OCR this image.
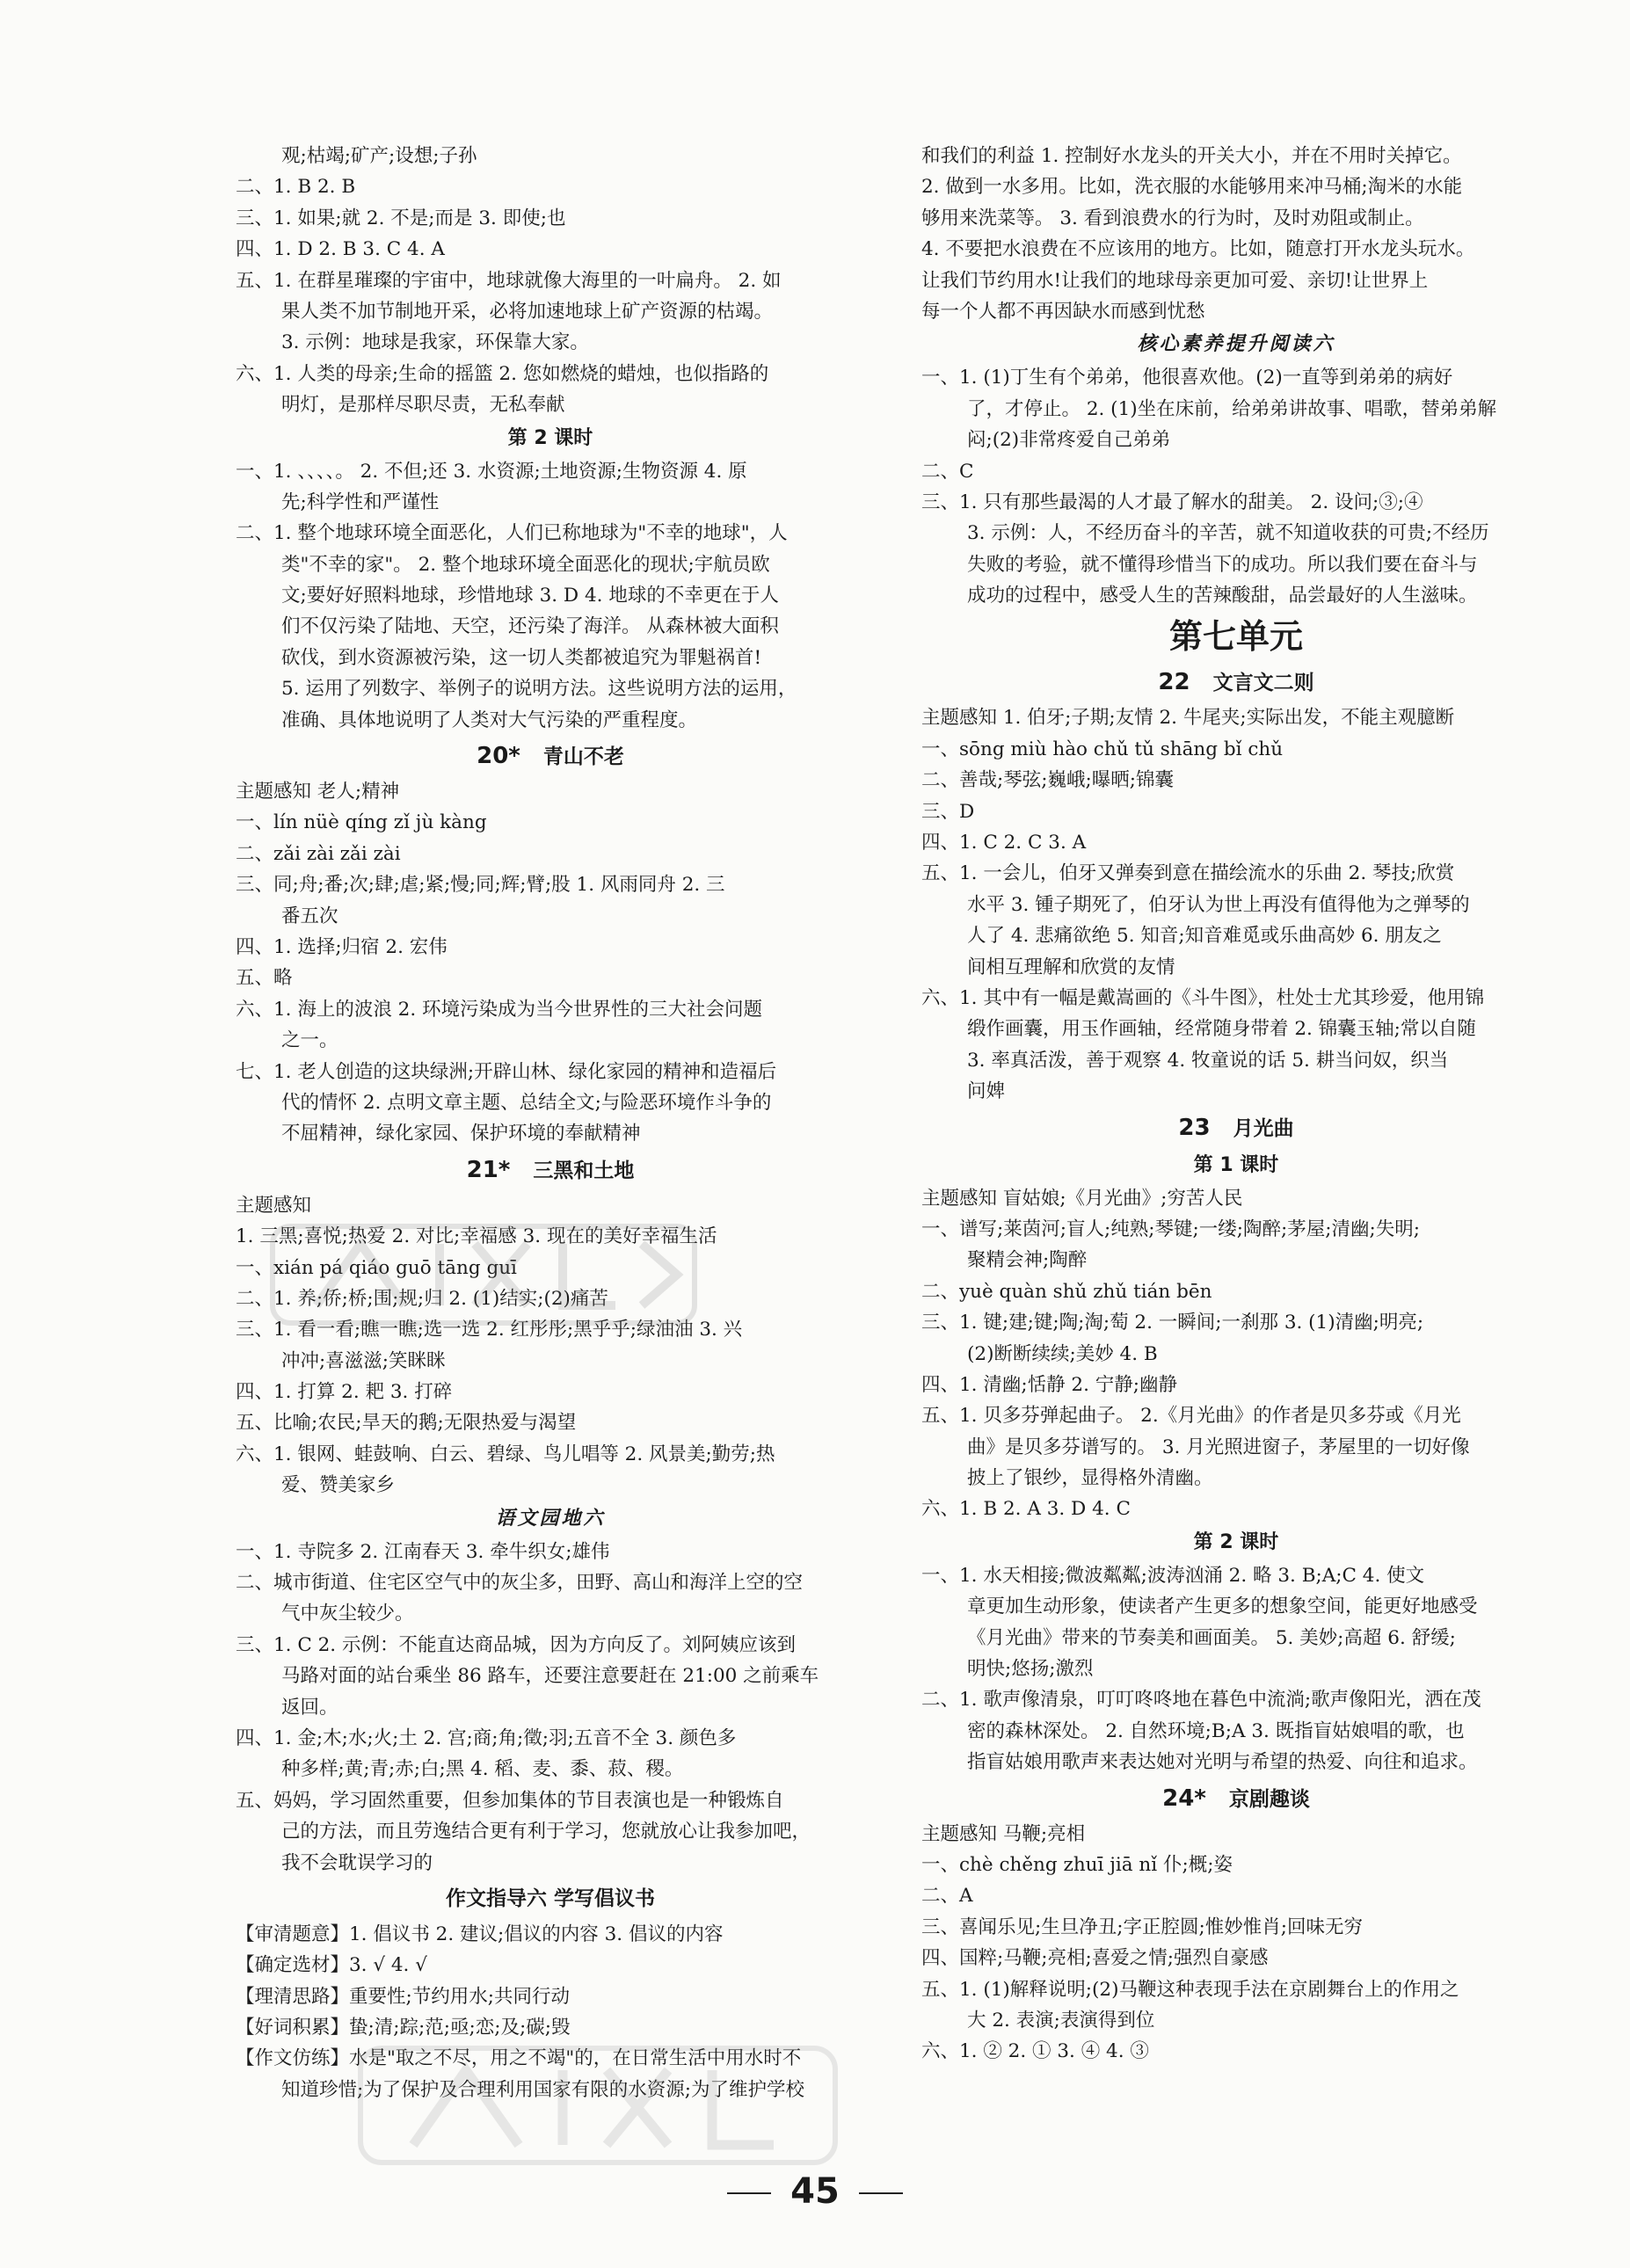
观;枯竭;矿产;设想;子孙
二、1. B 2. B
三、1. 如果;就 2. 不是;而是 3. 即使;也
四、1. D 2. B 3. C 4. A
五、1. 在群星璀璨的宇宙中，地球就像大海里的一叶扁舟。 2. 如
果人类不加节制地开采，必将加速地球上矿产资源的枯竭。
3. 示例：地球是我家，环保靠大家。
六、1. 人类的母亲;生命的摇篮 2. 您如燃烧的蜡烛，也似指路的
明灯，是那样尽职尽责，无私奉献
第 2 课时
一、1. 、、、、。 2. 不但;还 3. 水资源;土地资源;生物资源 4. 原
先;科学性和严谨性
二、1. 整个地球环境全面恶化，人们已称地球为"不幸的地球"，人
类"不幸的家"。 2. 整个地球环境全面恶化的现状;宇航员欧
文;要好好照料地球，珍惜地球 3. D 4. 地球的不幸更在于人
们不仅污染了陆地、天空，还污染了海洋。 从森林被大面积
砍伐，到水资源被污染，这一切人类都被追究为罪魁祸首!
5. 运用了列数字、举例子的说明方法。这些说明方法的运用，
准确、具体地说明了人类对大气污染的严重程度。
20* 青山不老
主题感知 老人;精神
一、lín nüè qíng zǐ jù kàng
二、zǎi zài zǎi zài
三、同;舟;番;次;肆;虐;紧;慢;同;辉;臂;股 1. 风雨同舟 2. 三
番五次
四、1. 选择;归宿 2. 宏伟
五、略
六、1. 海上的波浪 2. 环境污染成为当今世界性的三大社会问题
之一。
七、1. 老人创造的这块绿洲;开辟山林、绿化家园的精神和造福后
代的情怀 2. 点明文章主题、总结全文;与险恶环境作斗争的
不屈精神，绿化家园、保护环境的奉献精神
21* 三黑和土地
主题感知
1. 三黑;喜悦;热爱 2. 对比;幸福感 3. 现在的美好幸福生活
一、xián pá qiáo guō tāng guī
二、1. 养;侨;桥;围;规;归 2. (1)结实;(2)痛苦
三、1. 看一看;瞧一瞧;选一选 2. 红彤彤;黑乎乎;绿油油 3. 兴
冲冲;喜滋滋;笑眯眯
四、1. 打算 2. 耙 3. 打碎
五、比喻;农民;旱天的鹅;无限热爱与渴望
六、1. 银网、蛙鼓响、白云、碧绿、鸟儿唱等 2. 风景美;勤劳;热
爱、赞美家乡
语文园地六
一、1. 寺院多 2. 江南春天 3. 牵牛织女;雄伟
二、城市街道、住宅区空气中的灰尘多，田野、高山和海洋上空的空
气中灰尘较少。
三、1. C 2. 示例：不能直达商品城，因为方向反了。刘阿姨应该到
马路对面的站台乘坐 86 路车，还要注意要赶在 21:00 之前乘车
返回。
四、1. 金;木;水;火;土 2. 宫;商;角;徵;羽;五音不全 3. 颜色多
种多样;黄;青;赤;白;黑 4. 稻、麦、黍、菽、稷。
五、妈妈，学习固然重要，但参加集体的节目表演也是一种锻炼自
己的方法，而且劳逸结合更有利于学习，您就放心让我参加吧，
我不会耽误学习的
作文指导六 学写倡议书
【审清题意】1. 倡议书 2. 建议;倡议的内容 3. 倡议的内容
【确定选材】3. √ 4. √
【理清思路】重要性;节约用水;共同行动
【好词积累】蛰;清;踪;范;亟;恋;及;碳;毁
【作文仿练】水是"取之不尽，用之不竭"的，在日常生活中用水时不
知道珍惜;为了保护及合理利用国家有限的水资源;为了维护学校
和我们的利益 1. 控制好水龙头的开关大小，并在不用时关掉它。
2. 做到一水多用。比如，洗衣服的水能够用来冲马桶;淘米的水能
够用来洗菜等。 3. 看到浪费水的行为时，及时劝阻或制止。
4. 不要把水浪费在不应该用的地方。比如，随意打开水龙头玩水。
让我们节约用水!让我们的地球母亲更加可爱、亲切!让世界上
每一个人都不再因缺水而感到忧愁
核心素养提升阅读六
一、1. (1)丁生有个弟弟，他很喜欢他。(2)一直等到弟弟的病好
了，才停止。 2. (1)坐在床前，给弟弟讲故事、唱歌，替弟弟解
闷;(2)非常疼爱自己弟弟
二、C
三、1. 只有那些最渴的人才最了解水的甜美。 2. 设问;③;④
3. 示例：人，不经历奋斗的辛苦，就不知道收获的可贵;不经历
失败的考验，就不懂得珍惜当下的成功。所以我们要在奋斗与
成功的过程中，感受人生的苦辣酸甜，品尝最好的人生滋味。
第七单元
22 文言文二则
主题感知 1. 伯牙;子期;友情 2. 牛尾夹;实际出发，不能主观臆断
一、sōng miù hào chǔ tǔ shāng bǐ chǔ
二、善哉;琴弦;巍峨;曝晒;锦囊
三、D
四、1. C 2. C 3. A
五、1. 一会儿，伯牙又弹奏到意在描绘流水的乐曲 2. 琴技;欣赏
水平 3. 锺子期死了，伯牙认为世上再没有值得他为之弹琴的
人了 4. 悲痛欲绝 5. 知音;知音难觅或乐曲高妙 6. 朋友之
间相互理解和欣赏的友情
六、1. 其中有一幅是戴嵩画的《斗牛图》，杜处士尤其珍爱，他用锦
缎作画囊，用玉作画轴，经常随身带着 2. 锦囊玉轴;常以自随
3. 率真活泼，善于观察 4. 牧童说的话 5. 耕当问奴，织当
问婢
23 月光曲
第 1 课时
主题感知 盲姑娘;《月光曲》;穷苦人民
一、谱写;莱茵河;盲人;纯熟;琴键;一缕;陶醉;茅屋;清幽;失明;
聚精会神;陶醉
二、yuè quàn shǔ zhǔ tián bēn
三、1. 键;建;键;陶;淘;萄 2. 一瞬间;一刹那 3. (1)清幽;明亮;
(2)断断续续;美妙 4. B
四、1. 清幽;恬静 2. 宁静;幽静
五、1. 贝多芬弹起曲子。 2.《月光曲》的作者是贝多芬或《月光
曲》是贝多芬谱写的。 3. 月光照进窗子，茅屋里的一切好像
披上了银纱，显得格外清幽。
六、1. B 2. A 3. D 4. C
第 2 课时
一、1. 水天相接;微波粼粼;波涛汹涌 2. 略 3. B;A;C 4. 使文
章更加生动形象，使读者产生更多的想象空间，能更好地感受
《月光曲》带来的节奏美和画面美。 5. 美妙;高超 6. 舒缓;
明快;悠扬;激烈
二、1. 歌声像清泉，叮叮咚咚地在暮色中流淌;歌声像阳光，洒在茂
密的森林深处。 2. 自然环境;B;A 3. 既指盲姑娘唱的歌，也
指盲姑娘用歌声来表达她对光明与希望的热爱、向往和追求。
24* 京剧趣谈
主题感知 马鞭;亮相
一、chè chěng zhuī jiā nǐ 仆;概;姿
二、A
三、喜闻乐见;生旦净丑;字正腔圆;惟妙惟肖;回味无穷
四、国粹;马鞭;亮相;喜爱之情;强烈自豪感
五、1. (1)解释说明;(2)马鞭这种表现手法在京剧舞台上的作用之
大 2. 表演;表演得到位
六、1. ② 2. ① 3. ④ 4. ③
45
